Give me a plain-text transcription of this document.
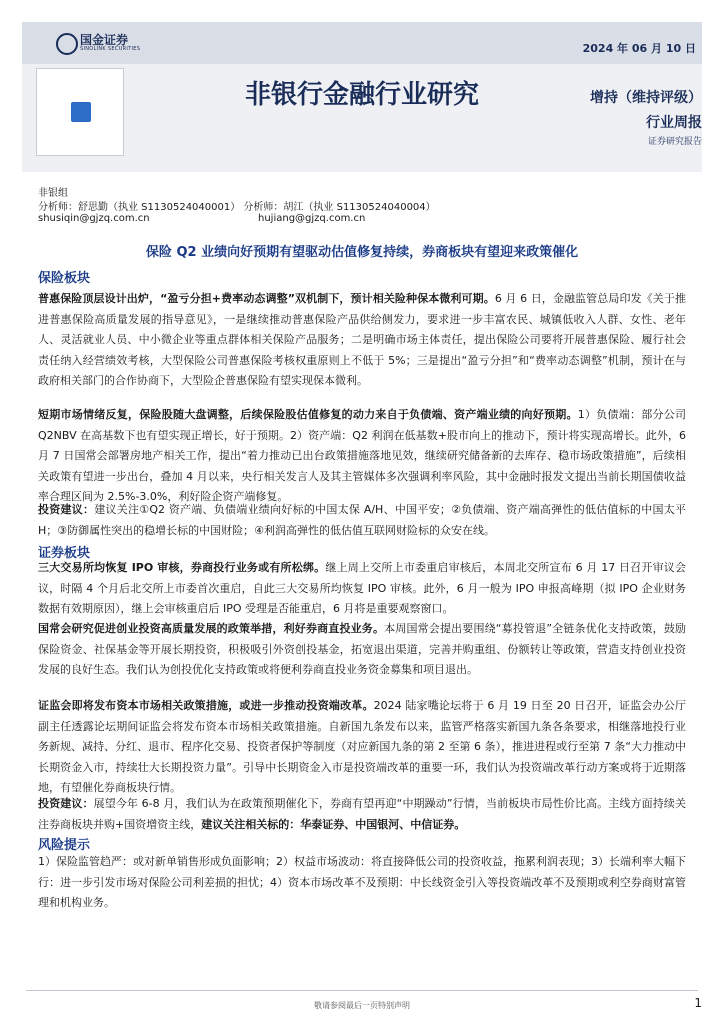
国金证券
SINOLINK SECURITIES	2024 年 06 月 10 日
非银行金融行业研究	增持（维持评级）
行业周报
证券研究报告
非银组
分析师：舒思勤（执业 S1130524040001） 分析师：胡江（执业 S1130524040004）
shusiqin@gjzq.com.cn	hujiang@gjzq.com.cn
保险 Q2 业绩向好预期有望驱动估值修复持续，券商板块有望迎来政策催化
保险板块
普惠保险顶层设计出炉，“盈亏分担+费率动态调整”双机制下，预计相关险种保本微利可期。6 月 6 日，金融监管总局印发《关于推进普惠保险高质量发展的指导意见》，一是继续推动普惠保险产品供给侧发力，要求进一步丰富农民、城镇低收入人群、女性、老年人、灵活就业人员、中小微企业等重点群体相关保险产品服务；二是明确市场主体责任，提出保险公司要将开展普惠保险、履行社会责任纳入经营绩效考核，大型保险公司普惠保险考核权重原则上不低于 5%；三是提出“盈亏分担”和“费率动态调整”机制，预计在与政府相关部门的合作协商下，大型险企普惠保险有望实现保本微利。
短期市场情绪反复，保险股随大盘调整，后续保险股估值修复的动力来自于负债端、资产端业绩的向好预期。1）负债端：部分公司 Q2NBV 在高基数下也有望实现正增长，好于预期。2）资产端：Q2 利润在低基数+股市向上的推动下，预计将实现高增长。此外，6 月 7 日国常会部署房地产相关工作，提出“着力推动已出台政策措施落地见效，继续研究储备新的去库存、稳市场政策措施”，后续相关政策有望进一步出台，叠加 4 月以来，央行相关发言人及其主管媒体多次强调利率风险，其中金融时报发文提出当前长期国债收益率合理区间为 2.5%-3.0%，利好险企资产端修复。
投资建议：建议关注①Q2 资产端、负债端业绩向好标的中国太保 A/H、中国平安；②负债端、资产端高弹性的低估值标的中国太平 H；③防御属性突出的稳增长标的中国财险；④利润高弹性的低估值互联网财险标的众安在线。
证券板块
三大交易所均恢复 IPO 审核，券商投行业务或有所松绑。继上周上交所上市委重启审核后，本周北交所宣布 6 月 17 日召开审议会议，时隔 4 个月后北交所上市委首次重启，自此三大交易所均恢复 IPO 审核。此外，6 月一般为 IPO 申报高峰期（拟 IPO 企业财务数据有效期原因），继上会审核重启后 IPO 受理是否能重启，6 月将是重要观察窗口。
国常会研究促进创业投资高质量发展的政策举措，利好券商直投业务。本周国常会提出要围绕“募投管退”全链条优化支持政策，鼓励保险资金、社保基金等开展长期投资，积极吸引外资创投基金，拓宽退出渠道，完善并购重组、份额转让等政策，营造支持创业投资发展的良好生态。我们认为创投优化支持政策或将便利券商直投业务资金募集和项目退出。
证监会即将发布资本市场相关政策措施，或进一步推动投资端改革。2024 陆家嘴论坛将于 6 月 19 日至 20 日召开，证监会办公厅副主任透露论坛期间证监会将发布资本市场相关政策措施。自新国九条发布以来，监管严格落实新国九条各条要求，相继落地投行业务新规、减持、分红、退市、程序化交易、投资者保护等制度（对应新国九条的第 2 至第 6 条），推进进程或行至第 7 条“大力推动中长期资金入市，持续壮大长期投资力量”。引导中长期资金入市是投资端改革的重要一环，我们认为投资端改革行动方案或将于近期落地，有望催化券商板块行情。
投资建议：展望今年 6-8 月，我们认为在政策预期催化下，券商有望再迎“中期躁动”行情，当前板块市局性价比高。主线方面持续关注券商板块并购+国资增资主线，建议关注相关标的：华泰证券、中国银河、中信证券。
风险提示
1）保险监管趋严：或对新单销售形成负面影响；2）权益市场波动：将直接降低公司的投资收益，拖累利润表现；3）长端利率大幅下行：进一步引发市场对保险公司利差损的担忧；4）资本市场改革不及预期：中长线资金引入等投资端改革不及预期或利空券商财富管理和机构业务。
敬请参阅最后一页特别声明	1
